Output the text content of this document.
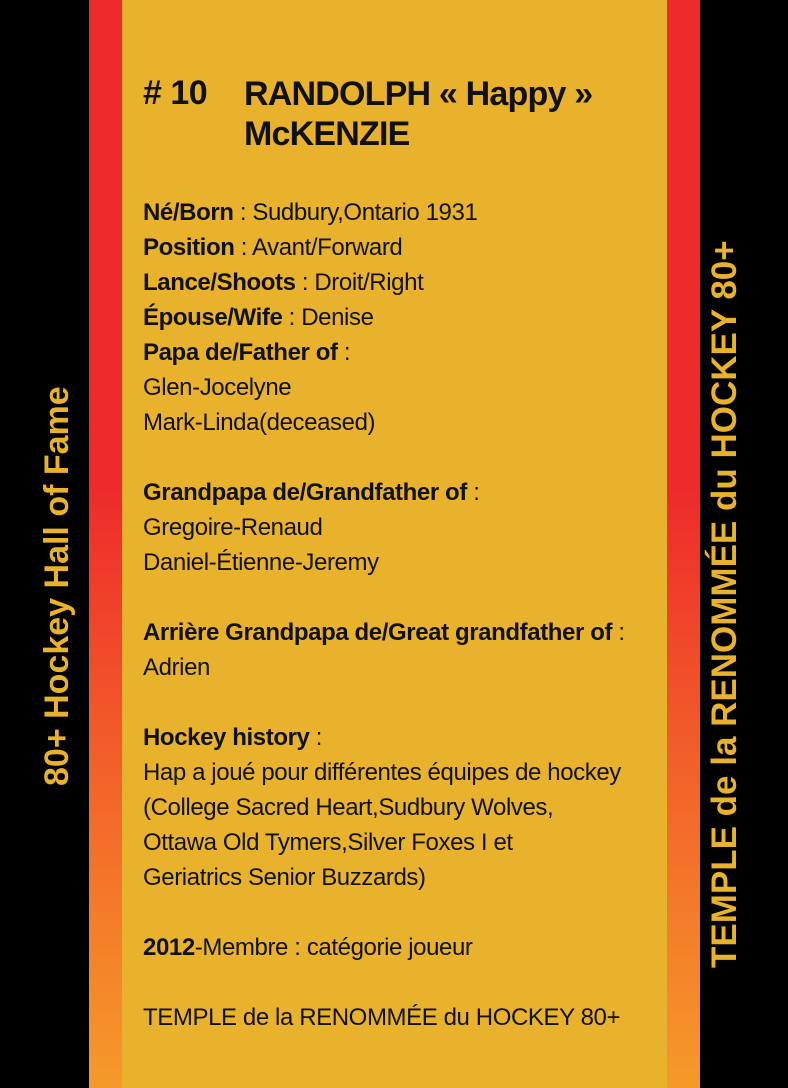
80+ Hockey Hall of Fame	TEMPLE de la RENOMMÉE du HOCKEY 80+
# 10 RANDOLPH « Happy »
McKENZIE
Né/Born : Sudbury,Ontario 1931
Position : Avant/Forward
Lance/Shoots : Droit/Right
Épouse/Wife : Denise
Papa de/Father of :
Glen-Jocelyne
Mark-Linda(deceased)
Grandpapa de/Grandfather of :
Gregoire-Renaud
Daniel-Étienne-Jeremy
Arrière Grandpapa de/Great grandfather of :
Adrien
Hockey history :
Hap a joué pour différentes équipes de hockey
(College Sacred Heart,Sudbury Wolves,
Ottawa Old Tymers,Silver Foxes I et
Geriatrics Senior Buzzards)
2012-Membre : catégorie joueur
TEMPLE de la RENOMMÉE du HOCKEY 80+
